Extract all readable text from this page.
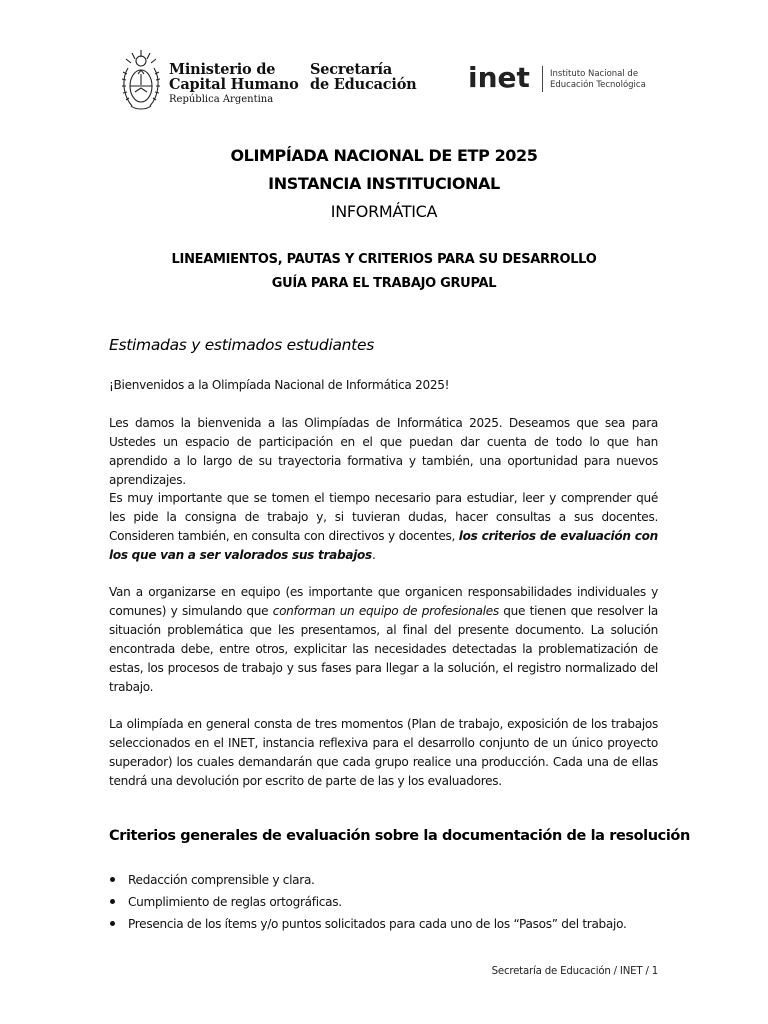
Ministerio de
Capital Humano
República Argentina
Secretaría
de Educación inet Instituto Nacional de
Educación Tecnológica
OLIMPÍADA NACIONAL DE ETP 2025
INSTANCIA INSTITUCIONAL
INFORMÁTICA
LINEAMIENTOS, PAUTAS Y CRITERIOS PARA SU DESARROLLO
GUÍA PARA EL TRABAJO GRUPAL
Estimadas y estimados estudiantes
¡Bienvenidos a la Olimpíada Nacional de Informática 2025!
Les damos la bienvenida a las Olimpíadas de Informática 2025. Deseamos que sea para Ustedes un espacio de participación en el que puedan dar cuenta de todo lo que han aprendido a lo largo de su trayectoria formativa y también, una oportunidad para nuevos aprendizajes.
Es muy importante que se tomen el tiempo necesario para estudiar, leer y comprender qué les pide la consigna de trabajo y, si tuvieran dudas, hacer consultas a sus docentes. Consideren también, en consulta con directivos y docentes, los criterios de evaluación con los que van a ser valorados sus trabajos.
Van a organizarse en equipo (es importante que organicen responsabilidades individuales y comunes) y simulando que conforman un equipo de profesionales que tienen que resolver la situación problemática que les presentamos, al final del presente documento. La solución encontrada debe, entre otros, explicitar las necesidades detectadas la problematización de estas, los procesos de trabajo y sus fases para llegar a la solución, el registro normalizado del trabajo.
La olimpíada en general consta de tres momentos (Plan de trabajo, exposición de los trabajos seleccionados en el INET, instancia reflexiva para el desarrollo conjunto de un único proyecto superador) los cuales demandarán que cada grupo realice una producción. Cada una de ellas tendrá una devolución por escrito de parte de las y los evaluadores.
Criterios generales de evaluación sobre la documentación de la resolución
Redacción comprensible y clara.
Cumplimiento de reglas ortográficas.
Presencia de los ítems y/o puntos solicitados para cada uno de los “Pasos” del trabajo.
Secretaría de Educación / INET / 1
